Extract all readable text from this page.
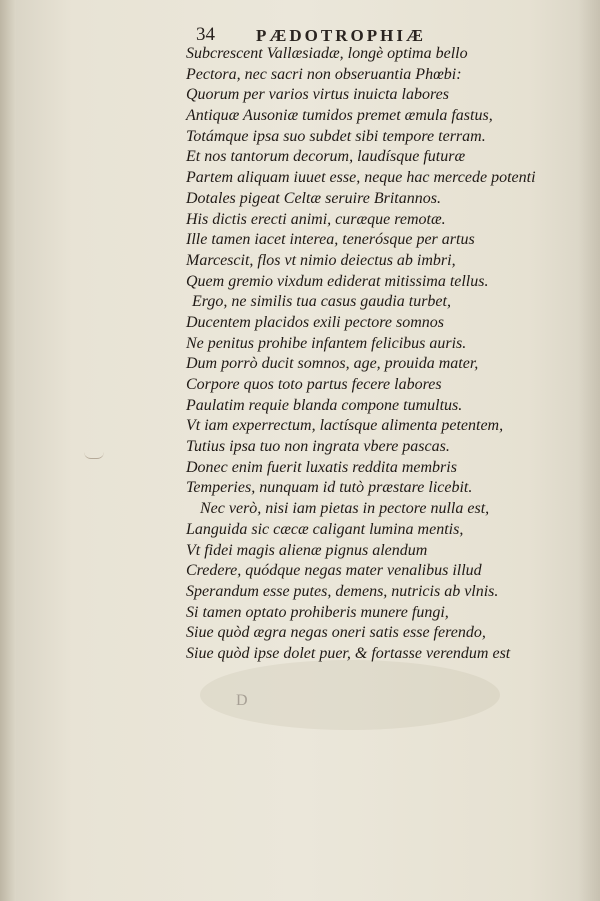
34 PÆDOTROPHIÆ
Subcrescent Vallæsiadæ, longè optima bello
Pectora, nec sacri non obseruantia Phœbi:
Quorum per varios virtus inuicta labores
Antiquæ Ausoniæ tumidos premet æmula fastus,
Totámque ipsa suo subdet sibi tempore terram.
Et nos tantorum decorum, laudísque futuræ
Partem aliquam iuuet esse, neque hac mercede potenti
Dotales pigeat Celtæ seruire Britannos.
His dictis erecti animi, curæque remotæ.
Ille tamen iacet interea, tenerósque per artus
Marcescit, flos vt nimio deiectus ab imbri,
Quem gremio vixdum ediderat mitissima tellus.
Ergo, ne similis tua casus gaudia turbet,
Ducentem placidos exili pectore somnos
Ne penitus prohibe infantem felicibus auris.
Dum porrò ducit somnos, age, prouida mater,
Corpore quos toto partus fecere labores
Paulatim requie blanda compone tumultus.
Vt iam experrectum, lactísque alimenta petentem,
Tutius ipsa tuo non ingrata vbere pascas.
Donec enim fuerit luxatis reddita membris
Temperies, nunquam id tutò præstare licebit.
Nec verò, nisi iam pietas in pectore nulla est,
Languida sic cæcæ caligant lumina mentis,
Vt fidei magis alienæ pignus alendum
Credere, quódque negas mater venalibus illud
Sperandum esse putes, demens, nutricis ab vlnis.
Si tamen optato prohiberis munere fungi,
Siue quòd ægra negas oneri satis esse ferendo,
Siue quòd ipse dolet puer, & fortasse verendum est
D
